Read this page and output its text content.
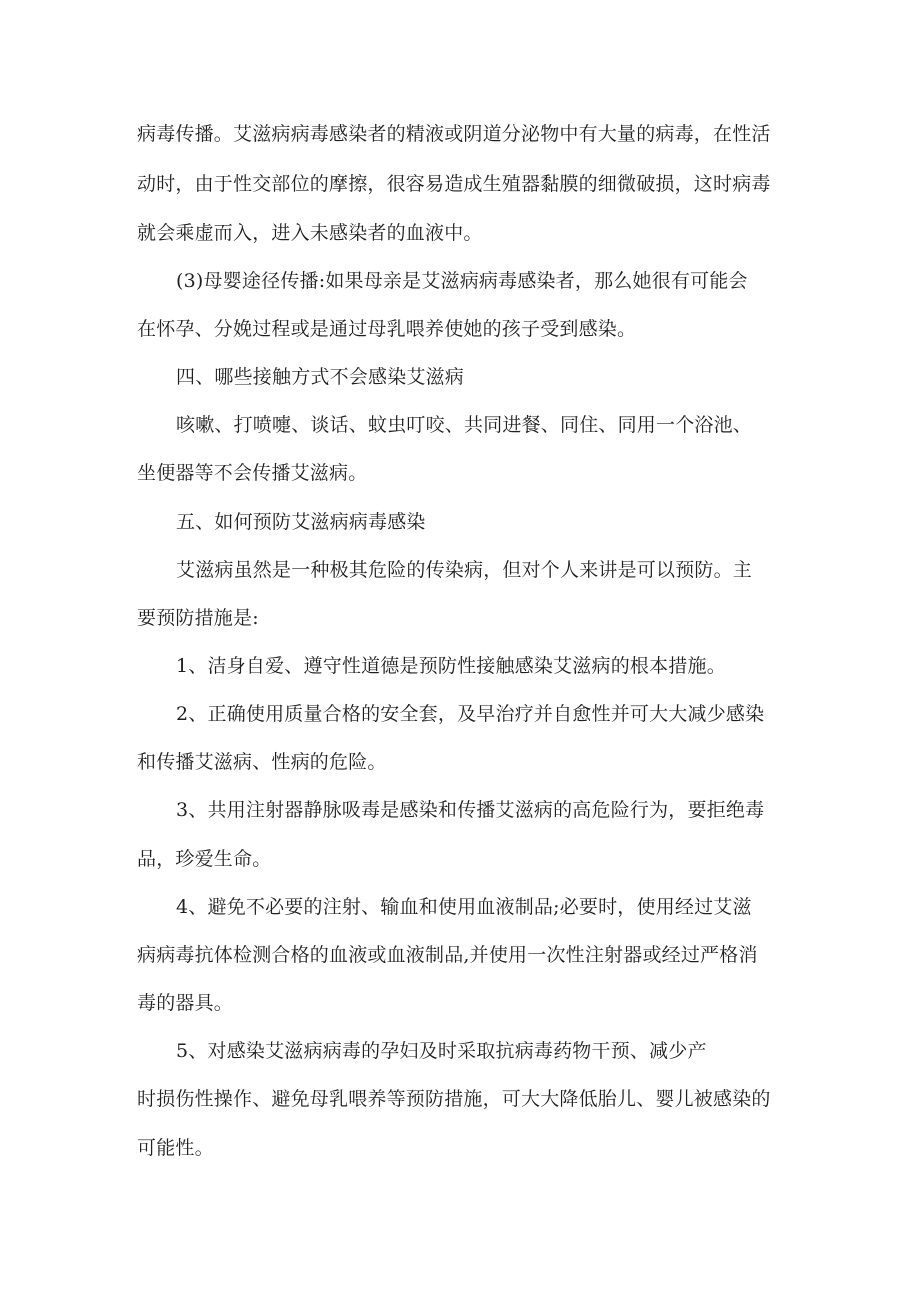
病毒传播。艾滋病病毒感染者的精液或阴道分泌物中有大量的病毒，在性活

动时，由于性交部位的摩擦，很容易造成生殖器黏膜的细微破损，这时病毒

就会乘虚而入，进入未感染者的血液中。

(3)母婴途径传播:如果母亲是艾滋病病毒感染者，那么她很有可能会

在怀孕、分娩过程或是通过母乳喂养使她的孩子受到感染。

四、哪些接触方式不会感染艾滋病

咳嗽、打喷嚏、谈话、蚊虫叮咬、共同进餐、同住、同用一个浴池、

坐便器等不会传播艾滋病。

五、如何预防艾滋病病毒感染

艾滋病虽然是一种极其危险的传染病，但对个人来讲是可以预防。主

要预防措施是:

1、洁身自爱、遵守性道德是预防性接触感染艾滋病的根本措施。

2、正确使用质量合格的安全套，及早治疗并自愈性并可大大减少感染

和传播艾滋病、性病的危险。

3、共用注射器静脉吸毒是感染和传播艾滋病的高危险行为，要拒绝毒

品，珍爱生命。

4、避免不必要的注射、输血和使用血液制品;必要时，使用经过艾滋

病病毒抗体检测合格的血液或血液制品,并使用一次性注射器或经过严格消

毒的器具。

5、对感染艾滋病病毒的孕妇及时采取抗病毒药物干预、减少产

时损伤性操作、避免母乳喂养等预防措施，可大大降低胎儿、婴儿被感染的

可能性。
